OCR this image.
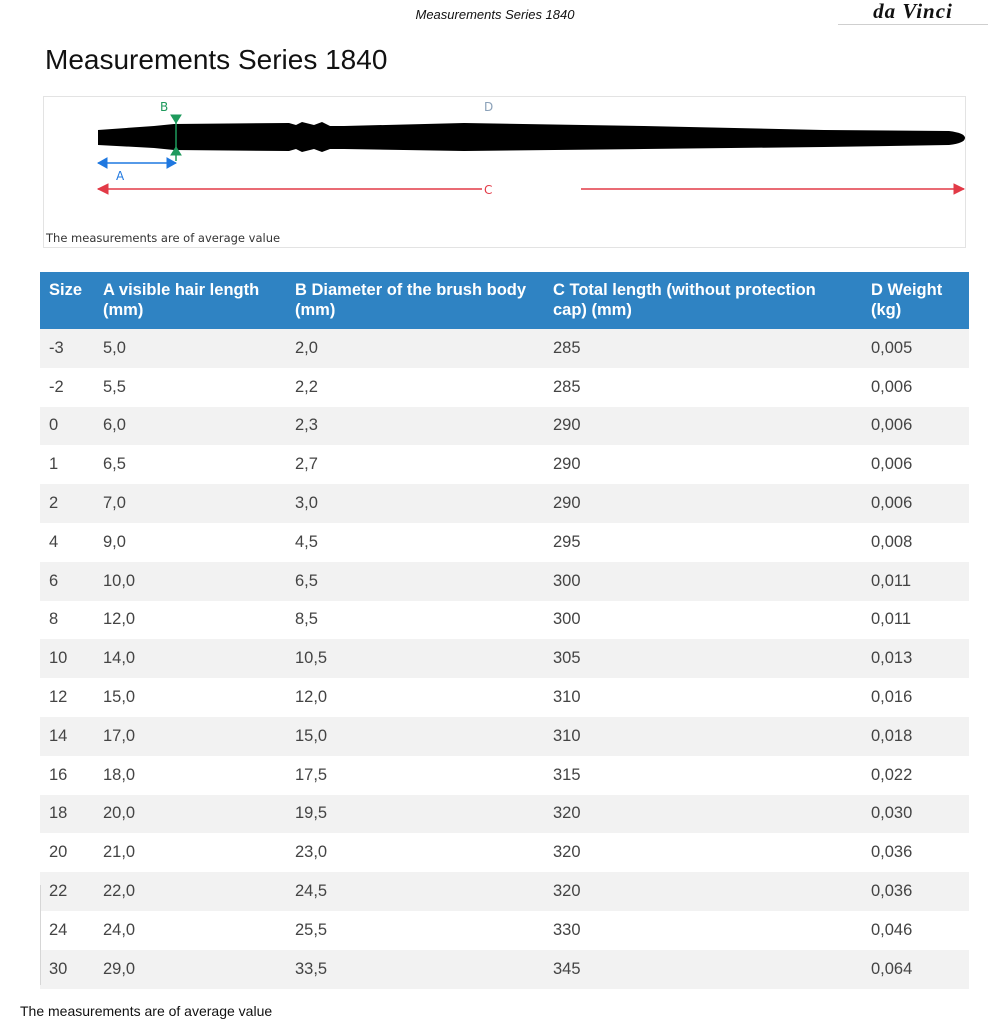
Measurements Series 1840	da Vinci
Measurements Series 1840
B
A
C
D
The measurements are of average value
Size	A visible hair length (mm)	B Diameter of the brush body (mm)	C Total length (without protection cap) (mm)	D Weight (kg)
-3	5,0	2,0	285	0,005
-2	5,5	2,2	285	0,006
0	6,0	2,3	290	0,006
1	6,5	2,7	290	0,006
2	7,0	3,0	290	0,006
4	9,0	4,5	295	0,008
6	10,0	6,5	300	0,011
8	12,0	8,5	300	0,011
10	14,0	10,5	305	0,013
12	15,0	12,0	310	0,016
14	17,0	15,0	310	0,018
16	18,0	17,5	315	0,022
18	20,0	19,5	320	0,030
20	21,0	23,0	320	0,036
22	22,0	24,5	320	0,036
24	24,0	25,5	330	0,046
30	29,0	33,5	345	0,064
The measurements are of average value
